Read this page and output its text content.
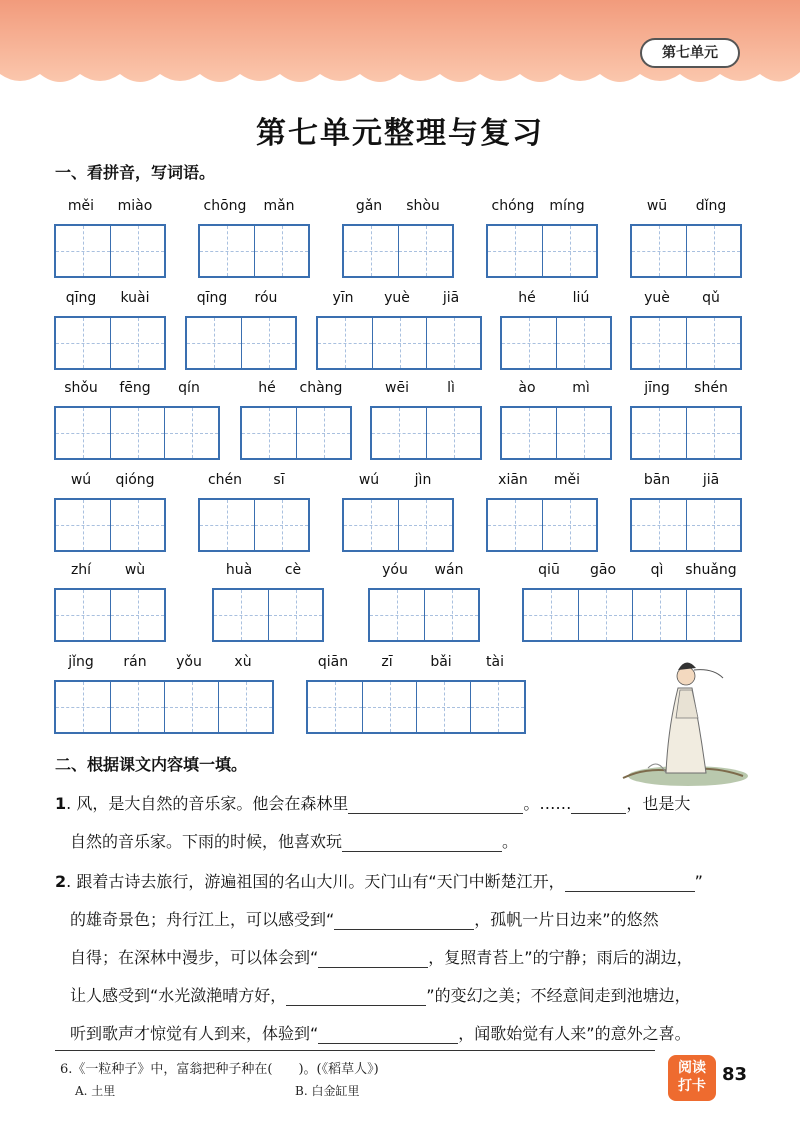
第七单元
第七单元整理与复习
一、看拼音，写词语。
měi	miào	chōng	mǎn	gǎn	shòu	chóng	míng	wū	dǐng
qīng	kuài	qīng	róu	yīn	yuè	jiā	hé	liú	yuè	qǔ
shǒu	fēng	qín	hé	chàng	wēi	lì	ào	mì	jīng	shén
wú	qióng	chén	sī	wú	jìn	xiān	měi	bān	jiā
zhí	wù	huà	cè	yóu	wán	qiū	gāo	qì	shuǎng
jǐng	rán	yǒu	xù	qiān	zī	bǎi	tài
二、根据课文内容填一填。
1. 风，是大自然的音乐家。他会在森林里	。……	，也是大
自然的音乐家。下雨的时候，他喜欢玩	。
2. 跟着古诗去旅行，游遍祖国的名山大川。天门山有“天门中断楚江开，	”
的雄奇景色；舟行江上，可以感受到“	，孤帆一片日边来”的悠然
自得；在深林中漫步，可以体会到“	，复照青苔上”的宁静；雨后的湖边，
让人感受到“水光潋滟晴方好，	”的变幻之美；不经意间走到池塘边，
听到歌声才惊觉有人到来，体验到“	，闻歌始觉有人来”的意外之喜。
6.《一粒种子》中，富翁把种子种在(　　)。(《稻草人》)
A. 土里	B. 白金缸里
阅读
打卡
83
